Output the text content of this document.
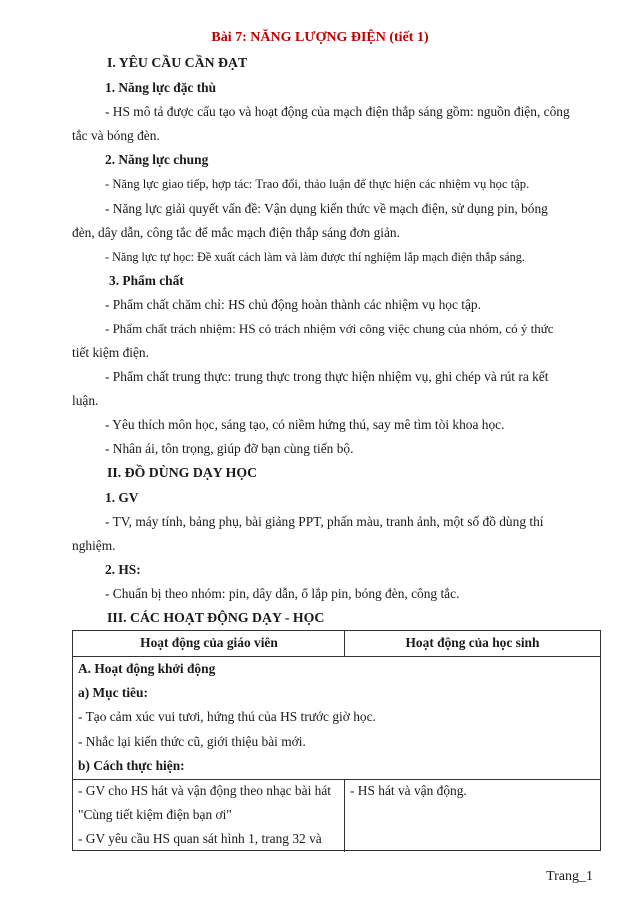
Bài 7: NĂNG LƯỢNG ĐIỆN (tiết 1)
I. YÊU CẦU CẦN ĐẠT
1. Năng lực đặc thù
- HS mô tả được cấu tạo và hoạt động của mạch điện thắp sáng gồm: nguồn điện, công
tắc và bóng đèn.
2. Năng lực chung
- Năng lực giao tiếp, hợp tác: Trao đổi, thảo luận để thực hiện các nhiệm vụ học tập.
- Năng lực giải quyết vấn đề: Vận dụng kiến thức về mạch điện, sử dụng pin, bóng
đèn, dây dẫn, công tắc để mắc mạch điện thắp sáng đơn giản.
- Năng lực tự học: Đề xuất cách làm và làm được thí nghiệm lắp mạch điện thắp sáng.
3. Phẩm chất
- Phẩm chất chăm chỉ: HS chủ động hoàn thành các nhiệm vụ học tập.
- Phẩm chất trách nhiệm: HS có trách nhiệm với công việc chung của nhóm, có ý thức
tiết kiệm điện.
- Phẩm chất trung thực: trung thực trong thực hiện nhiệm vụ, ghi chép và rút ra kết
luận.
- Yêu thích môn học, sáng tạo, có niềm hứng thú, say mê tìm tòi khoa học.
- Nhân ái, tôn trọng, giúp đỡ bạn cùng tiến bộ.
II. ĐỒ DÙNG DẠY HỌC
1. GV
- TV, máy tính, bảng phụ, bài giảng PPT, phấn màu, tranh ảnh, một số đồ dùng thí
nghiệm.
2. HS:
- Chuẩn bị theo nhóm: pin, dây dẫn, ổ lắp pin, bóng đèn, công tắc.
III. CÁC HOẠT ĐỘNG DẠY - HỌC
Hoạt động của giáo viên	Hoạt động của học sinh
A. Hoạt động khởi động
a) Mục tiêu:
- Tạo cảm xúc vui tươi, hứng thú của HS trước giờ học.
- Nhắc lại kiến thức cũ, giới thiệu bài mới.
b) Cách thực hiện:
- GV cho HS hát và vận động theo nhạc bài hát
"Cùng tiết kiệm điện bạn ơi"
- GV yêu cầu HS quan sát hình 1, trang 32 và
- HS hát và vận động.
Trang_1
